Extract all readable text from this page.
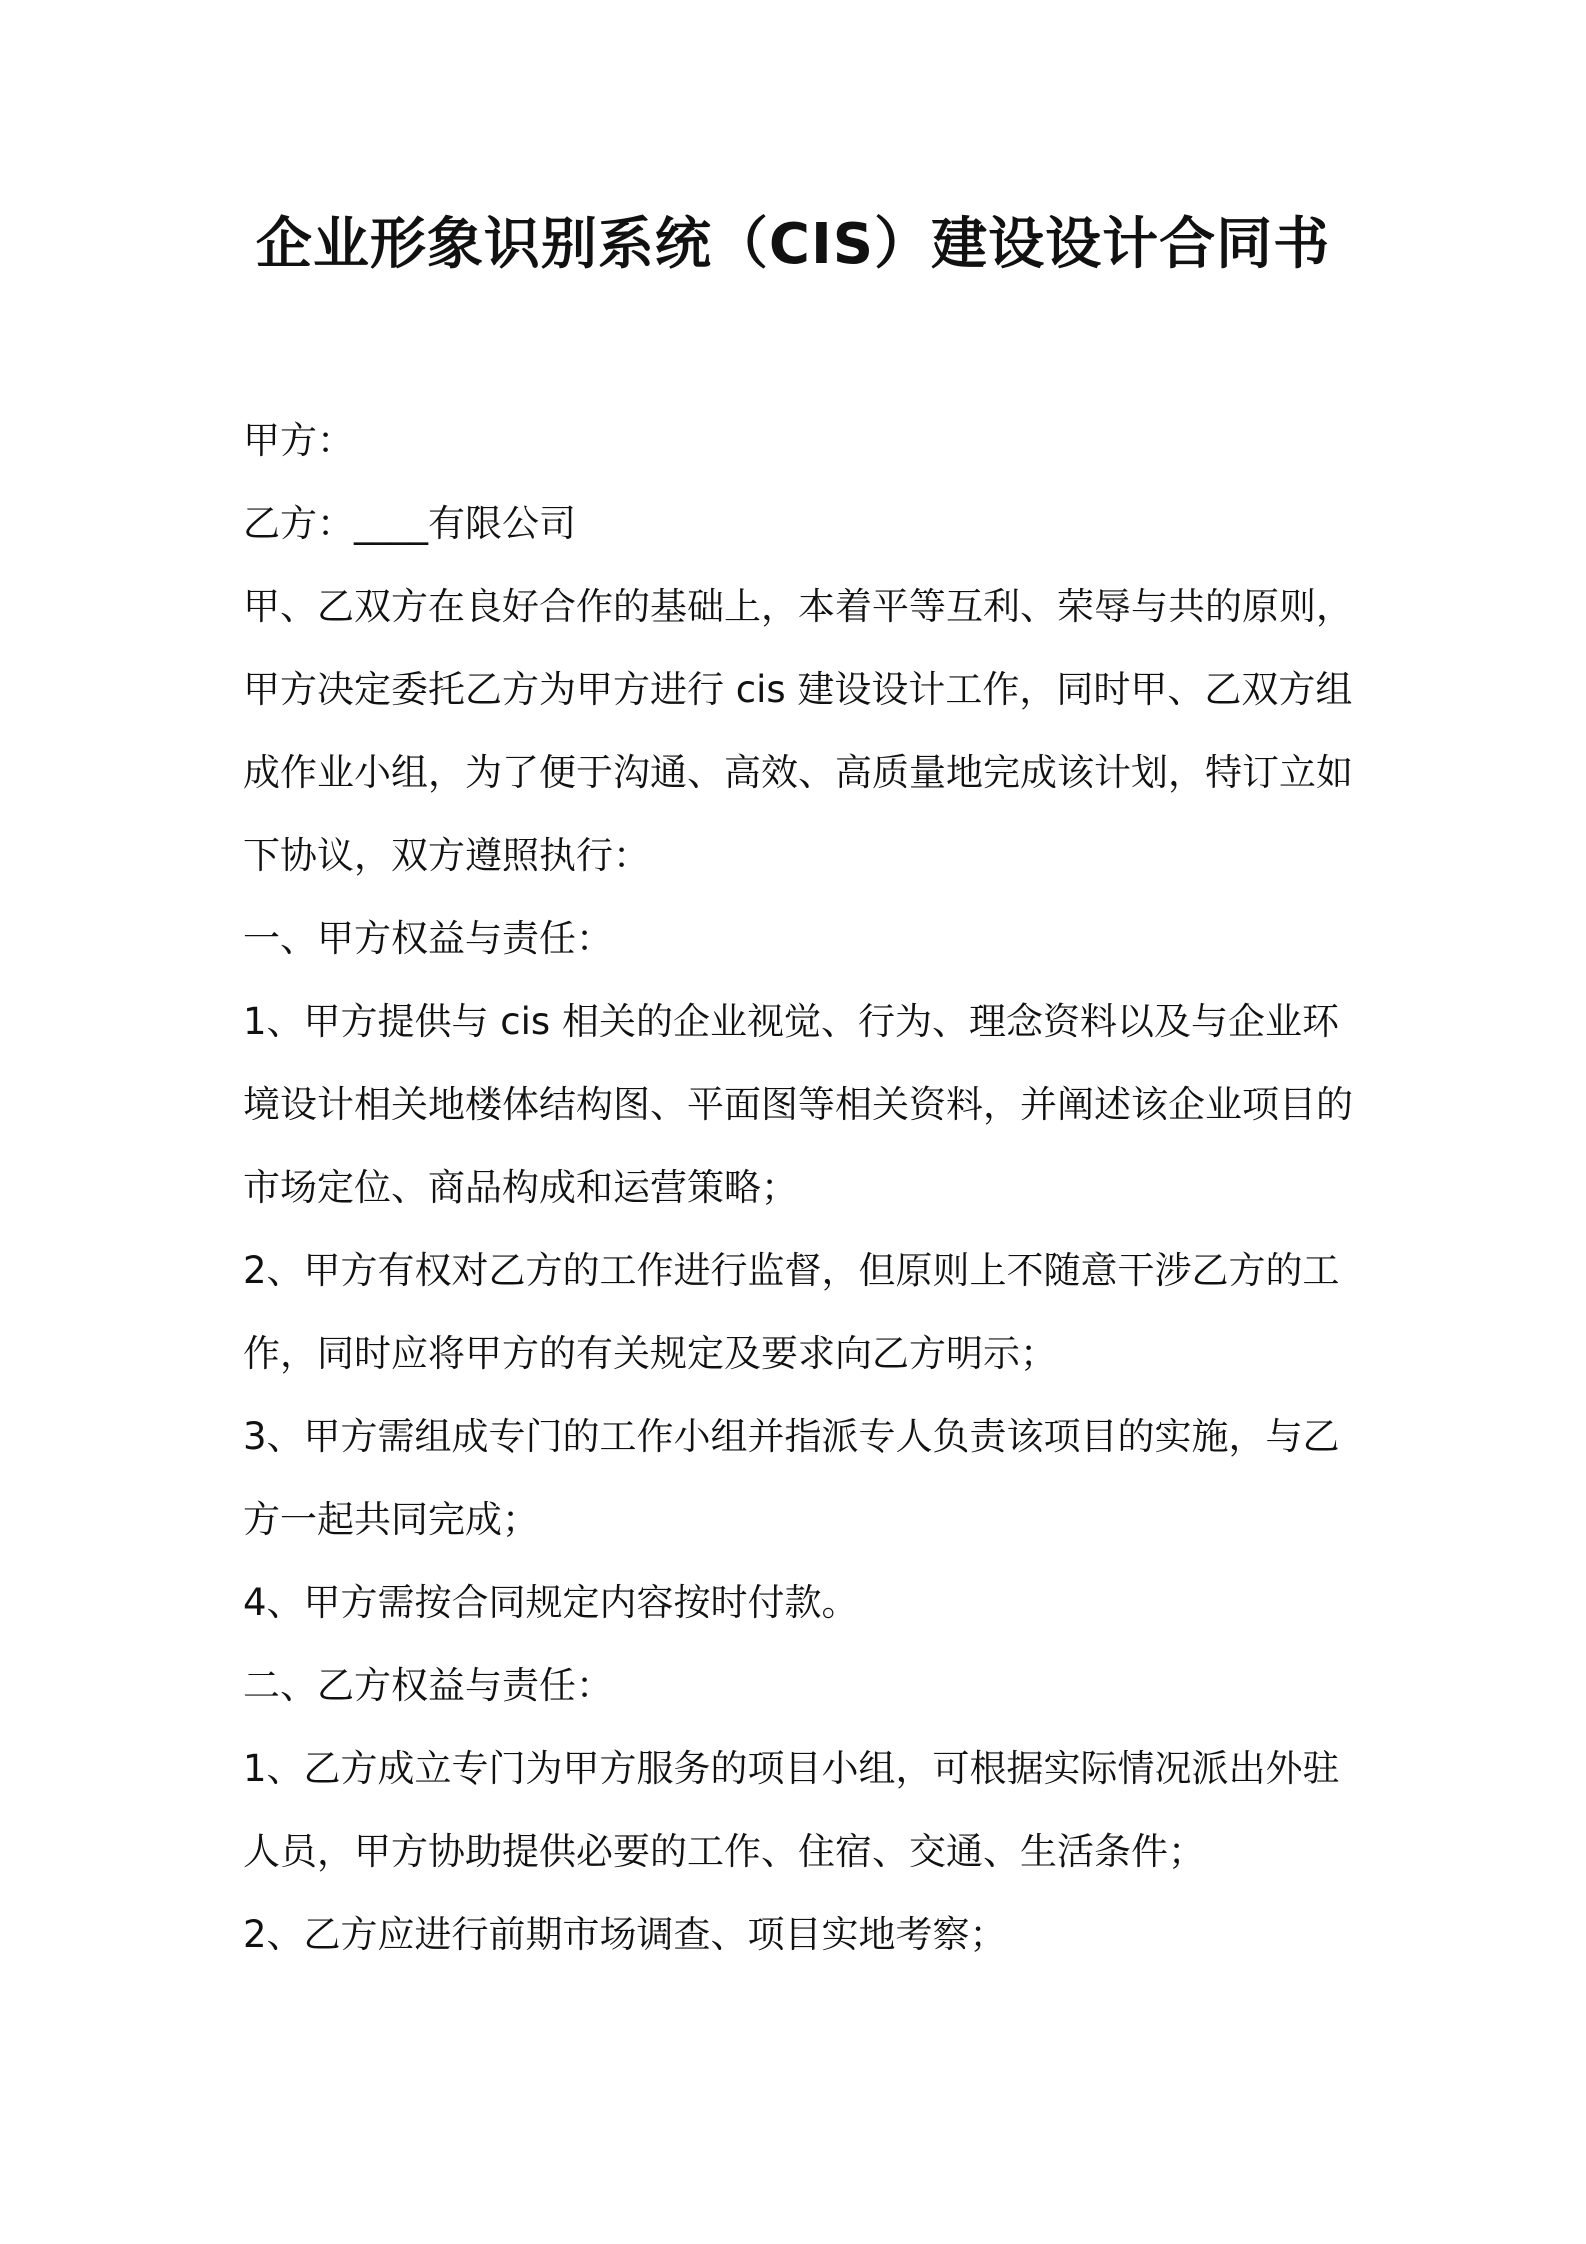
企业形象识别系统（CIS）建设设计合同书
甲方：
乙方：____有限公司
甲、乙双方在良好合作的基础上，本着平等互利、荣辱与共的原则，
甲方决定委托乙方为甲方进行 cis 建设设计工作，同时甲、乙双方组
成作业小组，为了便于沟通、高效、高质量地完成该计划，特订立如
下协议，双方遵照执行：
一、甲方权益与责任：
1、甲方提供与 cis 相关的企业视觉、行为、理念资料以及与企业环
境设计相关地楼体结构图、平面图等相关资料，并阐述该企业项目的
市场定位、商品构成和运营策略；
2、甲方有权对乙方的工作进行监督，但原则上不随意干涉乙方的工
作，同时应将甲方的有关规定及要求向乙方明示；
3、甲方需组成专门的工作小组并指派专人负责该项目的实施，与乙
方一起共同完成；
4、甲方需按合同规定内容按时付款。
二、乙方权益与责任：
1、乙方成立专门为甲方服务的项目小组，可根据实际情况派出外驻
人员，甲方协助提供必要的工作、住宿、交通、生活条件；
2、乙方应进行前期市场调查、项目实地考察；
